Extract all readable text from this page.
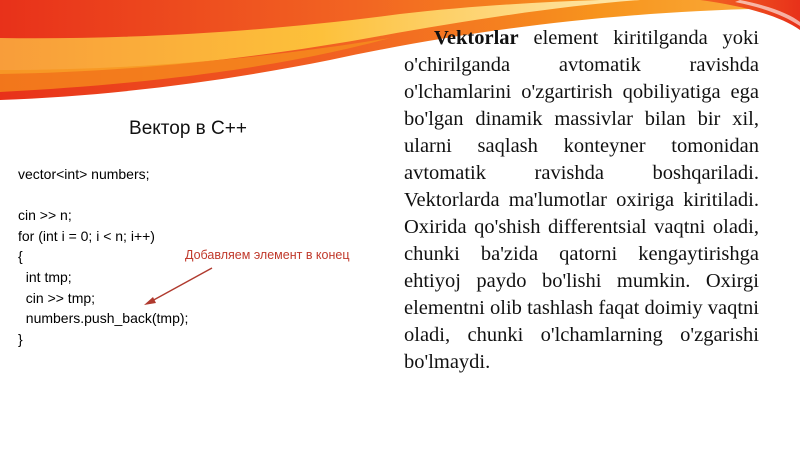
Вектор в С++
vector<int> numbers;
cin >> n;
for (int i = 0; i < n; i++)
{
int tmp;
cin >> tmp;
numbers.push_back(tmp);
}
Добавляем элемент в конец

Vektorlar element kiritilganda yoki o'chirilganda avtomatik ravishda o'lchamlarini o'zgartirish qobiliyatiga ega bo'lgan dinamik massivlar bilan bir xil, ularni saqlash konteyner tomonidan avtomatik ravishda boshqariladi. Vektorlarda ma'lumotlar oxiriga kiritiladi. Oxirida qo'shish differentsial vaqtni oladi, chunki ba'zida qatorni kengaytirishga ehtiyoj paydo bo'lishi mumkin. Oxirgi elementni olib tashlash faqat doimiy vaqtni oladi, chunki o'lchamlarning o'zgarishi bo'lmaydi.
